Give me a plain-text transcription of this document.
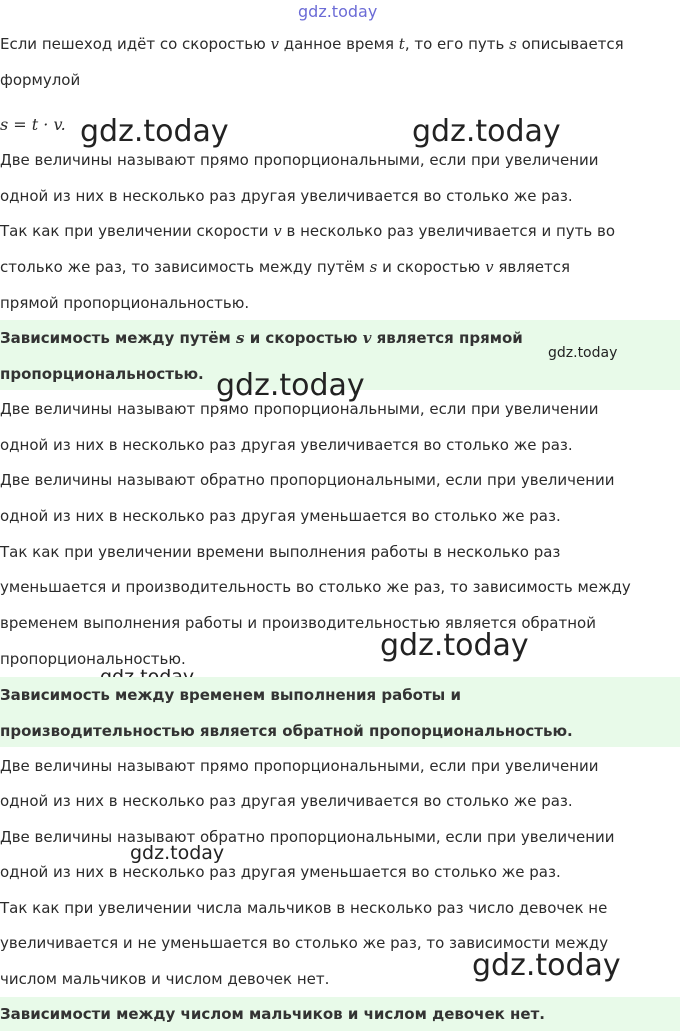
gdz.today

Если пешеход идёт со скоростью v данное время t, то его путь s описывается

формулой

s = t · v. gdz.today	gdz.today

Две величины называют прямо пропорциональными, если при увеличении

одной из них в несколько раз другая увеличивается во столько же раз.

Так как при увеличении скорости v в несколько раз увеличивается и путь во

столько же раз, то зависимость между путём s и скоростью v является

прямой пропорциональностью.

Зависимость между путём s и скоростью v является прямой

пропорциональностью.

gdz.today
gdz.today

Две величины называют прямо пропорциональными, если при увеличении

одной из них в несколько раз другая увеличивается во столько же раз.

Две величины называют обратно пропорциональными, если при увеличении

одной из них в несколько раз другая уменьшается во столько же раз.

Так как при увеличении времени выполнения работы в несколько раз

уменьшается и производительность во столько же раз, то зависимость между

временем выполнения работы и производительностью является обратной

пропорциональностью.	gdz.today

Зависимость между временем выполнения работы и

производительностью является обратной пропорциональностью.

Две величины называют прямо пропорциональными, если при увеличении

одной из них в несколько раз другая увеличивается во столько же раз.

Две величины называют обратно пропорциональными, если при увеличении

одной из них в несколько раз другая уменьшается во столько же раз.

gdz.today

Так как при увеличении числа мальчиков в несколько раз число девочек не

увеличивается и не уменьшается во столько же раз, то зависимости между

числом мальчиков и числом девочек нет.	gdz.today

Зависимости между числом мальчиков и числом девочек нет.
